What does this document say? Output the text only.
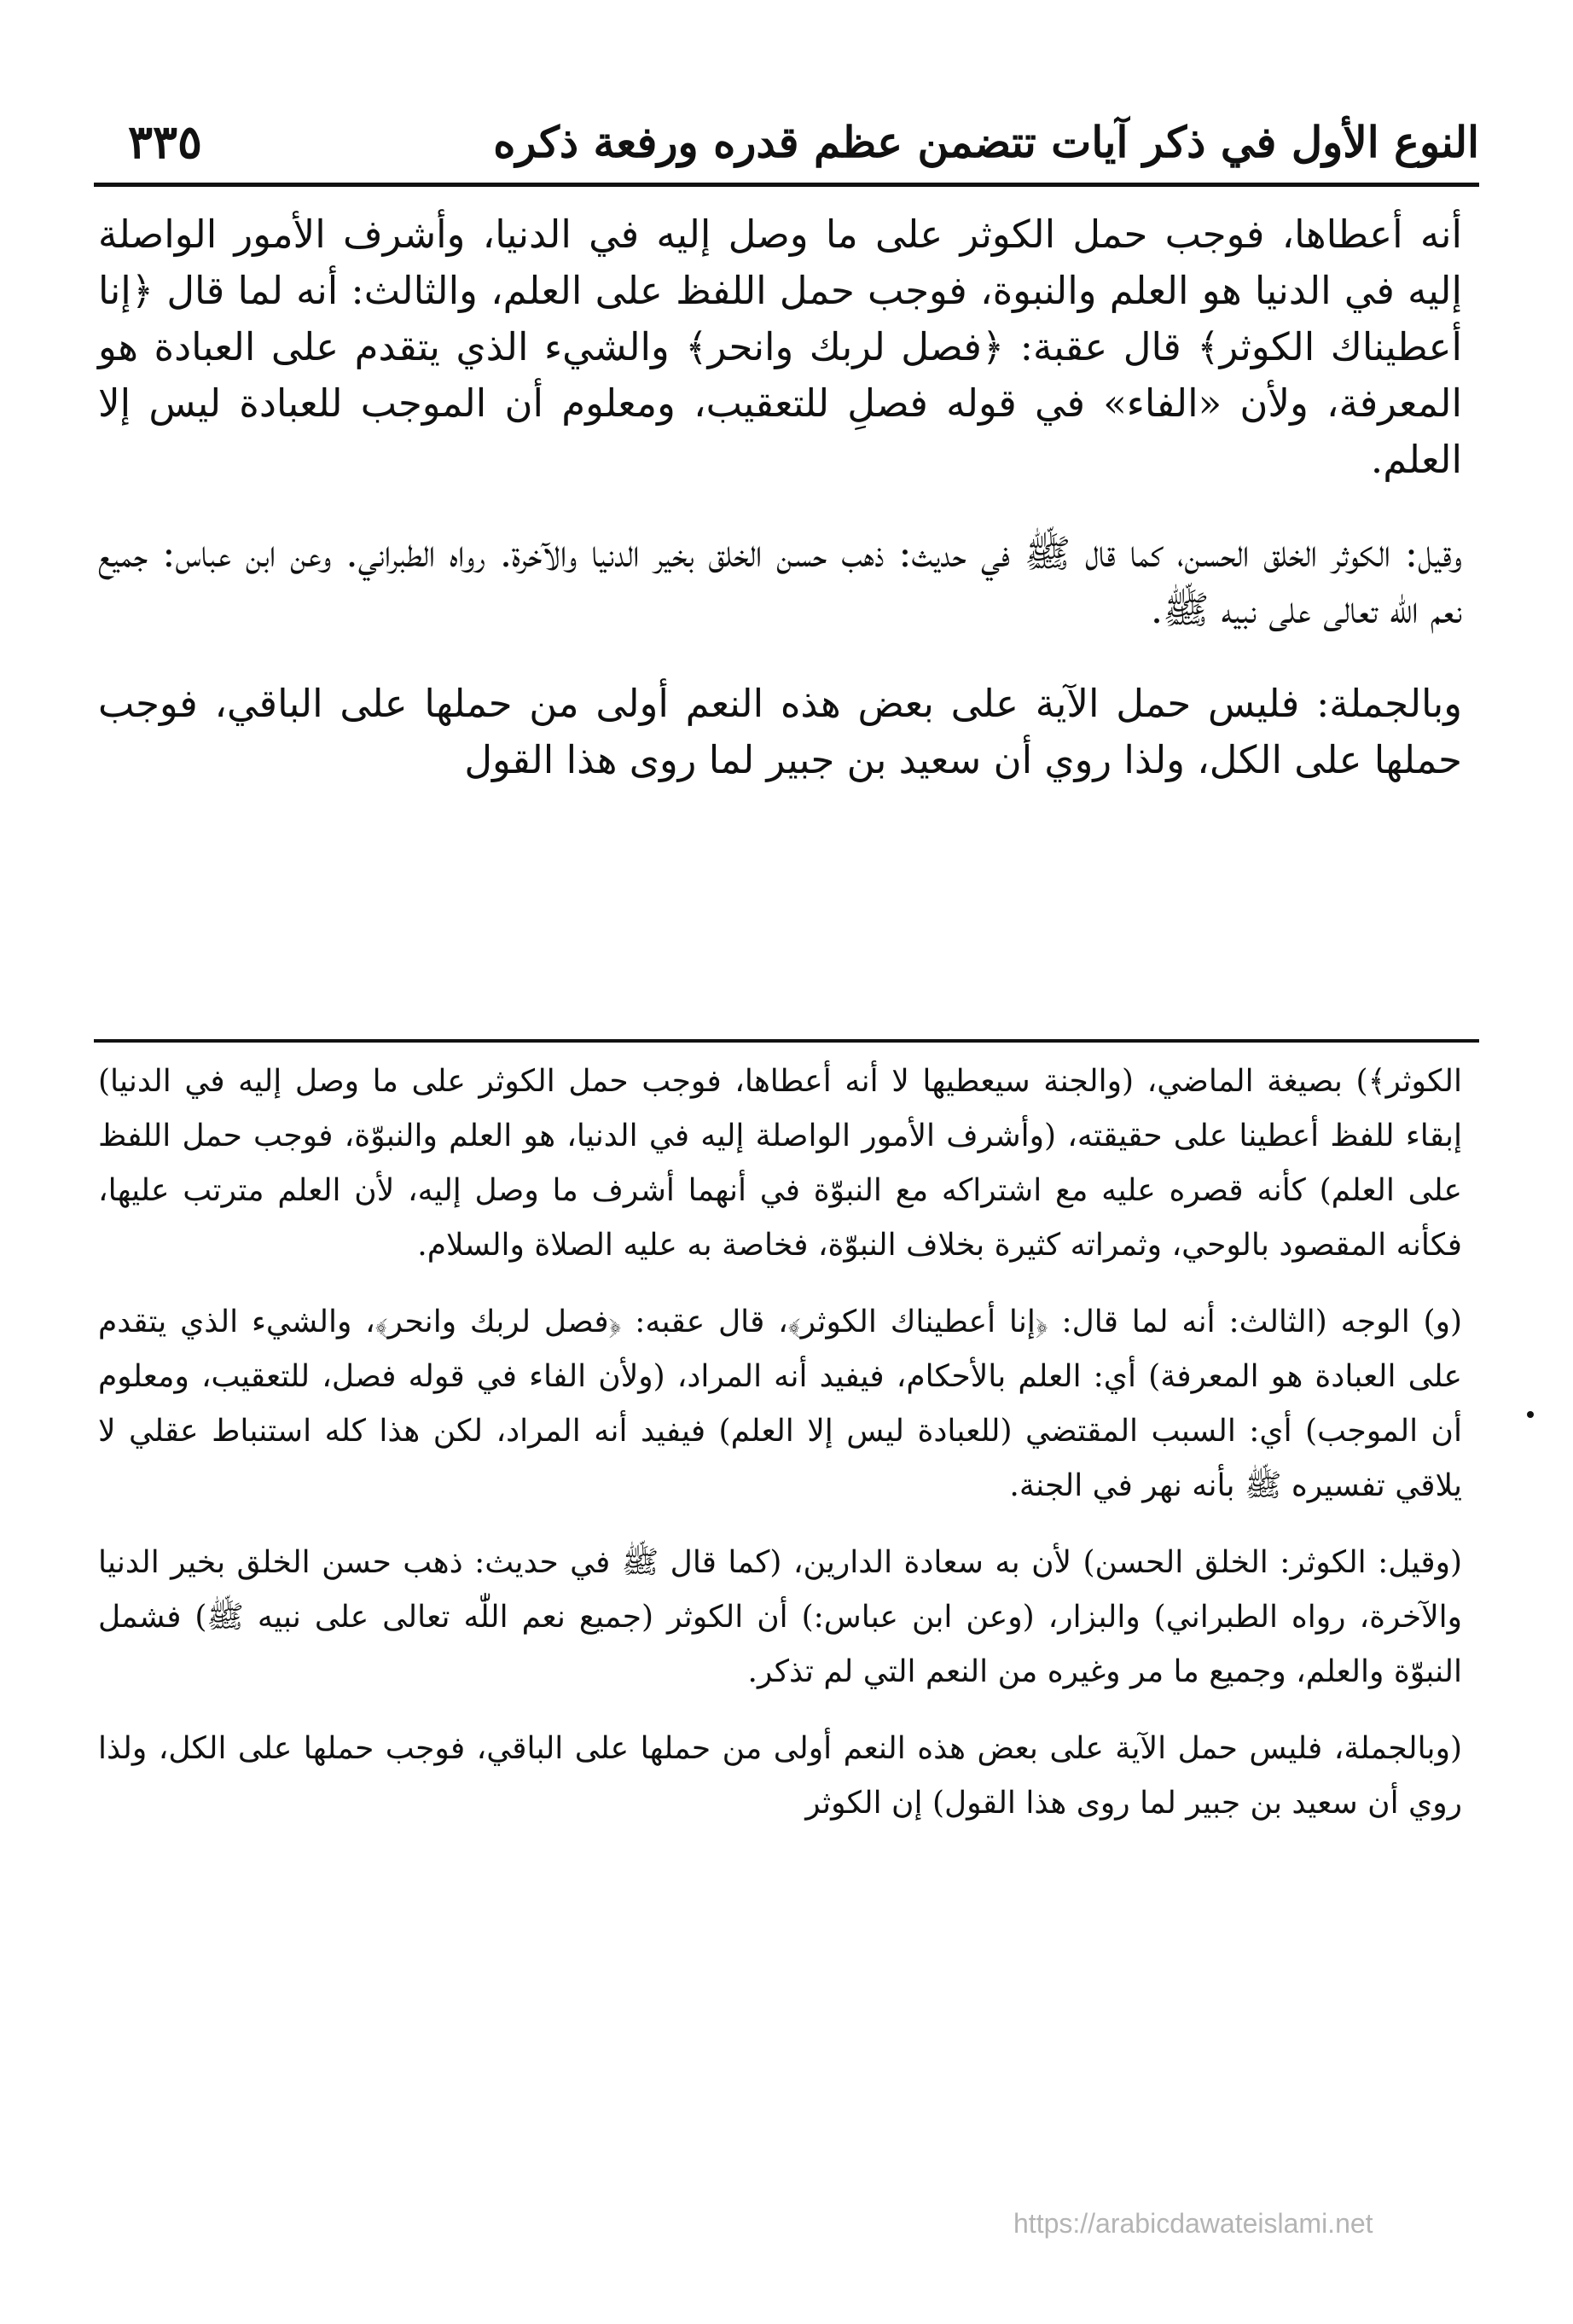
النوع الأول في ذكر آيات تتضمن عظم قدره ورفعة ذكره
٣٣٥

أنه أعطاها، فوجب حمل الكوثر على ما وصل إليه في الدنيا، وأشرف الأمور الواصلة إليه في الدنيا هو العلم والنبوة، فوجب حمل اللفظ على العلم، والثالث: أنه لما قال ﴿إنا أعطيناك الكوثر﴾ قال عقبة: ﴿فصل لربك وانحر﴾ والشيء الذي يتقدم على العبادة هو المعرفة، ولأن «الفاء» في قوله فصلِ للتعقيب، ومعلوم أن الموجب للعبادة ليس إلا العلم.

وقيل: الكوثر الخلق الحسن، كما قال ﷺ في حديث: ذهب حسن الخلق بخير الدنيا والآخرة. رواه الطبراني. وعن ابن عباس: جميع نعم اللّٰه تعالى على نبيه ﷺ.

وبالجملة: فليس حمل الآية على بعض هذه النعم أولى من حملها على الباقي، فوجب حملها على الكل، ولذا روي أن سعيد بن جبير لما روى هذا القول

الكوثر﴾) بصيغة الماضي، (والجنة سيعطيها لا أنه أعطاها، فوجب حمل الكوثر على ما وصل إليه في الدنيا) إبقاء للفظ أعطينا على حقيقته، (وأشرف الأمور الواصلة إليه في الدنيا، هو العلم والنبوّة، فوجب حمل اللفظ على العلم) كأنه قصره عليه مع اشتراكه مع النبوّة في أنهما أشرف ما وصل إليه، لأن العلم مترتب عليها، فكأنه المقصود بالوحي، وثمراته كثيرة بخلاف النبوّة، فخاصة به عليه الصلاة والسلام.

(و) الوجه (الثالث: أنه لما قال: ﴿إنا أعطيناك الكوثر﴾، قال عقبه: ﴿فصل لربك وانحر﴾، والشيء الذي يتقدم على العبادة هو المعرفة) أي: العلم بالأحكام، فيفيد أنه المراد، (ولأن الفاء في قوله فصل، للتعقيب، ومعلوم أن الموجب) أي: السبب المقتضي (للعبادة ليس إلا العلم) فيفيد أنه المراد، لكن هذا كله استنباط عقلي لا يلاقي تفسيره ﷺ بأنه نهر في الجنة.

(وقيل: الكوثر: الخلق الحسن) لأن به سعادة الدارين، (كما قال ﷺ في حديث: ذهب حسن الخلق بخير الدنيا والآخرة، رواه الطبراني) والبزار، (وعن ابن عباس:) أن الكوثر (جميع نعم اللّٰه تعالى على نبيه ﷺ) فشمل النبوّة والعلم، وجميع ما مر وغيره من النعم التي لم تذكر.

(وبالجملة، فليس حمل الآية على بعض هذه النعم أولى من حملها على الباقي، فوجب حملها على الكل، ولذا روي أن سعيد بن جبير لما روى هذا القول) إن الكوثر

https://arabicdawateislami.net
